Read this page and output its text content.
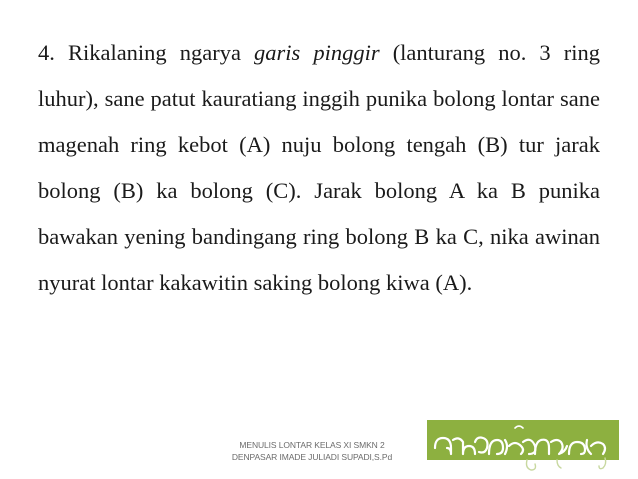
4. Rikalaning ngarya garis pinggir (lanturang no. 3 ring luhur), sane patut kauratiang inggih punika bolong lontar sane magenah ring kebot (A) nuju bolong tengah (B) tur jarak bolong (B) ka bolong (C). Jarak bolong A ka B punika bawakan yening bandingang ring bolong B ka C, nika awinan nyurat lontar kakawitin saking bolong kiwa (A).
MENULIS LONTAR KELAS XI SMKN 2
DENPASAR IMADE JULIADI SUPADI,S.Pd
